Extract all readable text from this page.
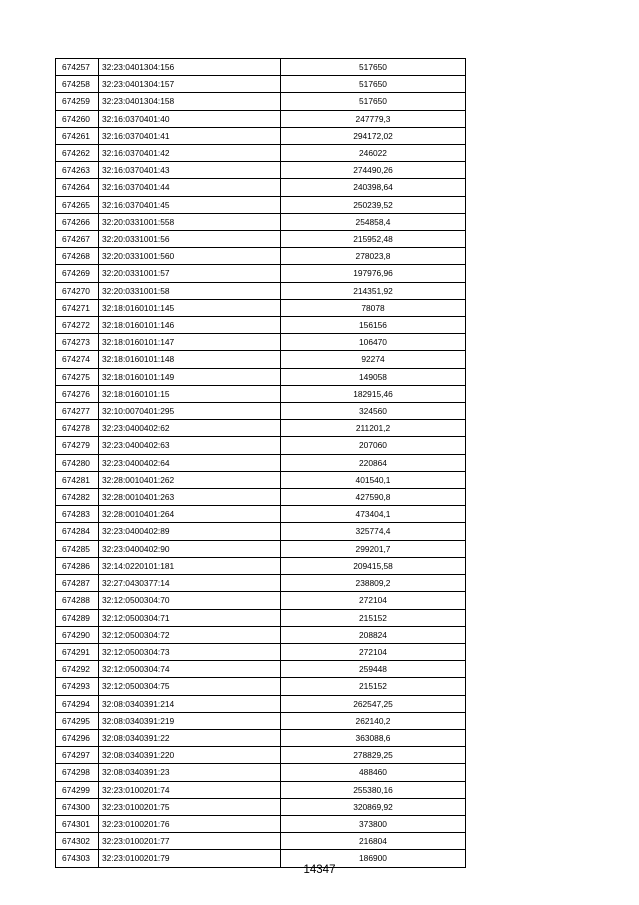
674257	32:23:0401304:156	517650
674258	32:23:0401304:157	517650
674259	32:23:0401304:158	517650
674260	32:16:0370401:40	247779,3
674261	32:16:0370401:41	294172,02
674262	32:16:0370401:42	246022
674263	32:16:0370401:43	274490,26
674264	32:16:0370401:44	240398,64
674265	32:16:0370401:45	250239,52
674266	32:20:0331001:558	254858,4
674267	32:20:0331001:56	215952,48
674268	32:20:0331001:560	278023,8
674269	32:20:0331001:57	197976,96
674270	32:20:0331001:58	214351,92
674271	32:18:0160101:145	78078
674272	32:18:0160101:146	156156
674273	32:18:0160101:147	106470
674274	32:18:0160101:148	92274
674275	32:18:0160101:149	149058
674276	32:18:0160101:15	182915,46
674277	32:10:0070401:295	324560
674278	32:23:0400402:62	211201,2
674279	32:23:0400402:63	207060
674280	32:23:0400402:64	220864
674281	32:28:0010401:262	401540,1
674282	32:28:0010401:263	427590,8
674283	32:28:0010401:264	473404,1
674284	32:23:0400402:89	325774,4
674285	32:23:0400402:90	299201,7
674286	32:14:0220101:181	209415,58
674287	32:27:0430377:14	238809,2
674288	32:12:0500304:70	272104
674289	32:12:0500304:71	215152
674290	32:12:0500304:72	208824
674291	32:12:0500304:73	272104
674292	32:12:0500304:74	259448
674293	32:12:0500304:75	215152
674294	32:08:0340391:214	262547,25
674295	32:08:0340391:219	262140,2
674296	32:08:0340391:22	363088,6
674297	32:08:0340391:220	278829,25
674298	32:08:0340391:23	488460
674299	32:23:0100201:74	255380,16
674300	32:23:0100201:75	320869,92
674301	32:23:0100201:76	373800
674302	32:23:0100201:77	216804
674303	32:23:0100201:79	186900
14347
